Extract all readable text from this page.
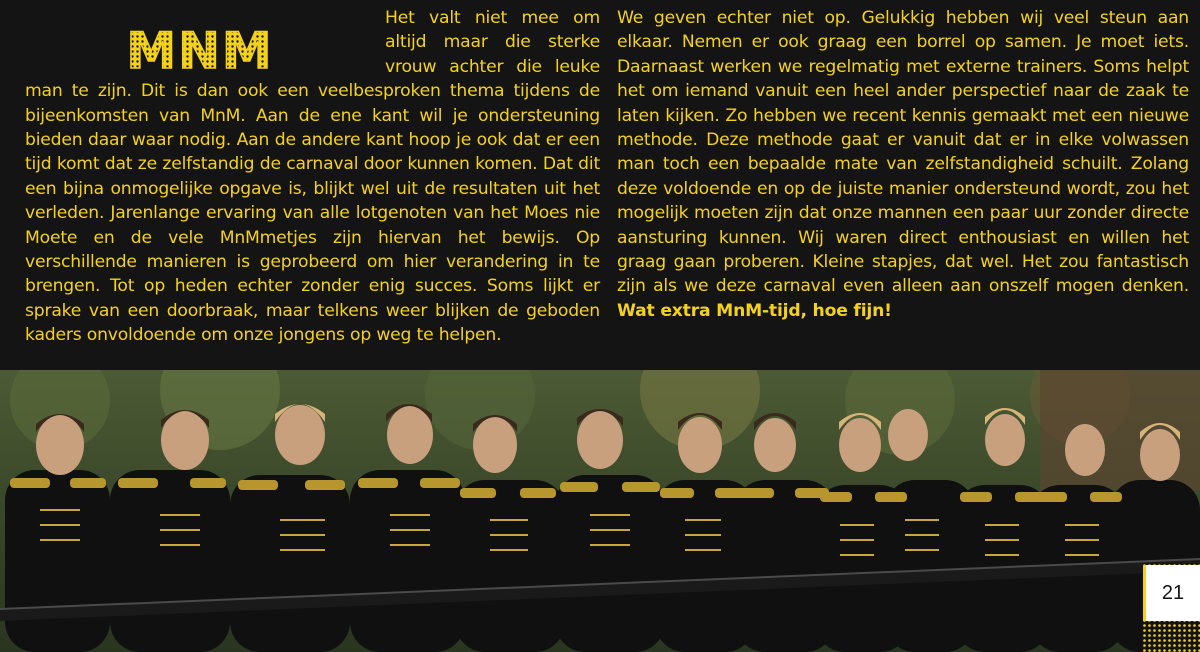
MNM
Het valt niet mee om altijd maar die sterke vrouw achter die leuke man te zijn. Dit is dan ook een veelbesproken thema tijdens de bijeenkomsten van MnM. Aan de ene kant wil je ondersteuning bieden daar waar nodig. Aan de andere kant hoop je ook dat er een tijd komt dat ze zelfstandig de carnaval door kunnen komen. Dat dit een bijna onmogelijke opgave is, blijkt wel uit de resultaten uit het verleden. Jarenlange ervaring van alle lotgenoten van het Moes nie Moete en de vele MnMmetjes zijn hiervan het bewijs. Op verschillende manieren is geprobeerd om hier verandering in te brengen. Tot op heden echter zonder enig succes. Soms lijkt er sprake van een doorbraak, maar telkens weer blijken de geboden kaders onvoldoende om onze jongens op weg te helpen.
We geven echter niet op. Gelukkig hebben wij veel steun aan elkaar. Nemen er ook graag een borrel op samen. Je moet iets. Daarnaast werken we regelmatig met externe trainers. Soms helpt het om iemand vanuit een heel ander perspectief naar de zaak te laten kijken. Zo hebben we recent kennis gemaakt met een nieuwe methode. Deze methode gaat er vanuit dat er in elke volwassen man toch een bepaalde mate van zelfstandigheid schuilt. Zolang deze voldoende en op de juiste manier ondersteund wordt, zou het mogelijk moeten zijn dat onze mannen een paar uur zonder directe aansturing kunnen. Wij waren direct enthousiast en willen het graag gaan proberen. Kleine stapjes, dat wel. Het zou fantastisch zijn als we deze carnaval even alleen aan onszelf mogen denken. Wat extra MnM-tijd, hoe fijn!
21
